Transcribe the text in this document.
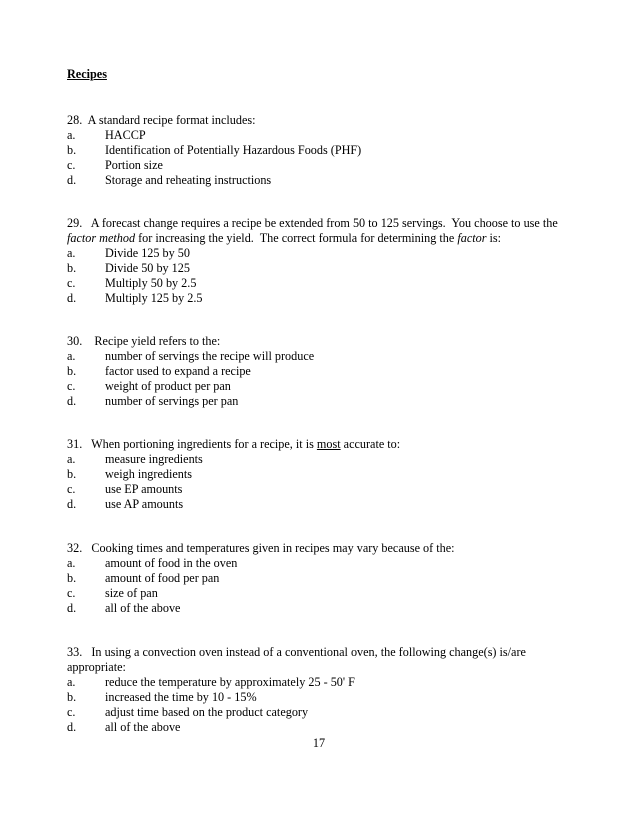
Recipes
28.  A standard recipe format includes:
a.	HACCP
b.	Identification of Potentially Hazardous Foods (PHF)
c.	Portion size
d.	Storage and reheating instructions
29.   A forecast change requires a recipe be extended from 50 to 125 servings.  You choose to use the factor method for increasing the yield.  The correct formula for determining the factor is:
a.	Divide 125 by 50
b.	Divide 50 by 125
c.	Multiply 50 by 2.5
d.	Multiply 125 by 2.5
30.    Recipe yield refers to the:
a.	number of servings the recipe will produce
b.	factor used to expand a recipe
c.	weight of product per pan
d.	number of servings per pan
31.   When portioning ingredients for a recipe, it is most accurate to:
a.	measure ingredients
b.	weigh ingredients
c.	use EP amounts
d.	use AP amounts
32.   Cooking times and temperatures given in recipes may vary because of the:
a.	amount of food in the oven
b.	amount of food per pan
c.	size of pan
d.	all of the above
33.   In using a convection oven instead of a conventional oven, the following change(s) is/are appropriate:
a.	reduce the temperature by approximately 25 - 50' F
b.	increased the time by 10 - 15%
c.	adjust time based on the product category
d.	all of the above
17
